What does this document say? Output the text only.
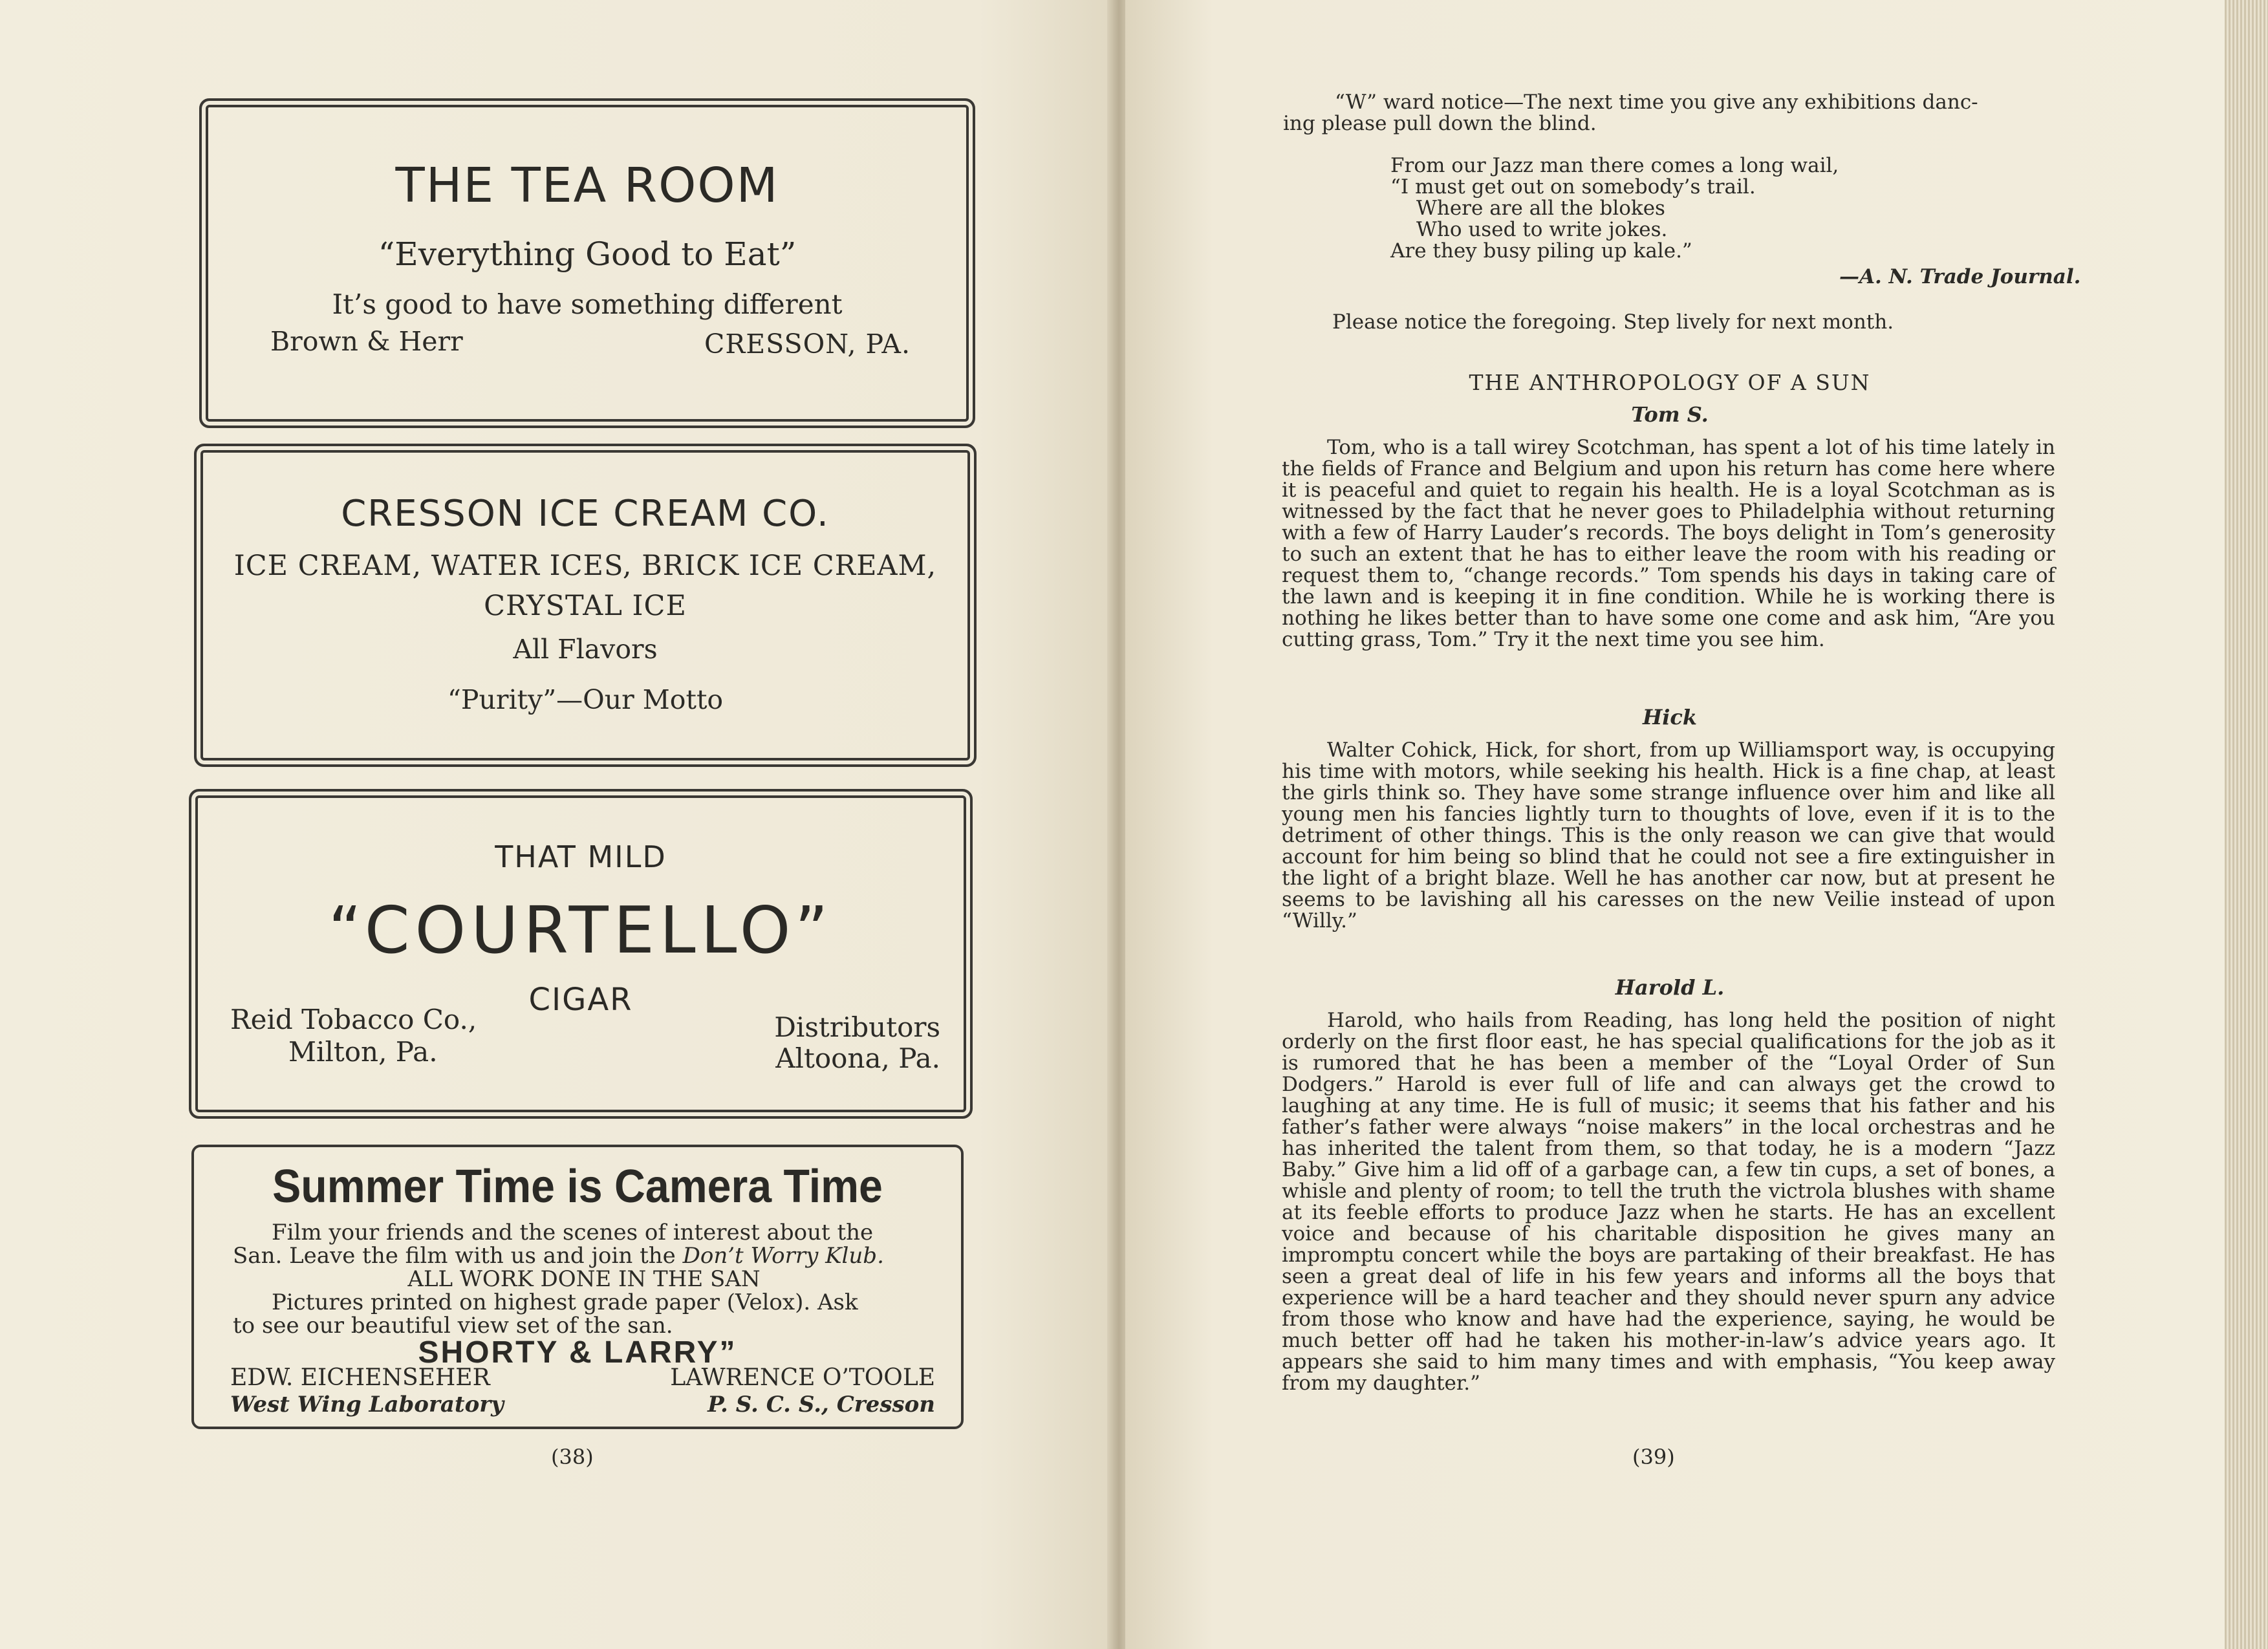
THE TEA ROOM
“Everything Good to Eat”
It’s good to have something different
Brown & Herr	CRESSON, PA.
CRESSON ICE CREAM CO.
ICE CREAM, WATER ICES, BRICK ICE CREAM,
CRYSTAL ICE
All Flavors
“Purity”—Our Motto
THAT MILD
“COURTELLO”
CIGAR
Reid Tobacco Co.,
Milton, Pa.
Distributors
Altoona, Pa.
Summer Time is Camera Time
Film your friends and the scenes of interest about the
San. Leave the film with us and join the Don’t Worry Klub.
ALL WORK DONE IN THE SAN
Pictures printed on highest grade paper (Velox). Ask
to see our beautiful view set of the san.
SHORTY & LARRY”
EDW. EICHENSEHER
West Wing Laboratory
LAWRENCE O’TOOLE
P. S. C. S., Cresson
(38)

“W” ward notice—The next time you give any exhibitions danc-

ing please pull down the blind.

From our Jazz man there comes a long wail,
“I must get out on somebody’s trail.
Where are all the blokes
Who used to write jokes.
Are they busy piling up kale.”
—A. N. Trade Journal.
Please notice the foregoing. Step lively for next month.
THE ANTHROPOLOGY OF A SUN
Tom S.

Tom, who is a tall wirey Scotchman, has spent a lot of his time lately in the fields of France and Belgium and upon his return has come here where it is peaceful and quiet to regain his health. He is a loyal Scotchman as is witnessed by the fact that he never goes to Philadelphia without returning with a few of Harry Lauder’s records. The boys delight in Tom’s generosity to such an extent that he has to either leave the room with his reading or request them to, “change records.” Tom spends his days in taking care of the lawn and is keeping it in fine condition. While he is working there is nothing he likes better than to have some one come and ask him, “Are you cutting grass, Tom.” Try it the next time you see him.

Hick

Walter Cohick, Hick, for short, from up Williamsport way, is occupying his time with motors, while seeking his health. Hick is a fine chap, at least the girls think so. They have some strange influence over him and like all young men his fancies lightly turn to thoughts of love, even if it is to the detriment of other things. This is the only reason we can give that would account for him being so blind that he could not see a fire extinguisher in the light of a bright blaze. Well he has another car now, but at present he seems to be lavishing all his caresses on the new Veilie instead of upon “Willy.”

Harold L.

Harold, who hails from Reading, has long held the position of night orderly on the first floor east, he has special qualifications for the job as it is rumored that he has been a member of the “Loyal Order of Sun Dodgers.” Harold is ever full of life and can always get the crowd to laughing at any time. He is full of music; it seems that his father and his father’s father were always “noise makers” in the local orchestras and he has inherited the talent from them, so that today, he is a modern “Jazz Baby.” Give him a lid off of a garbage can, a few tin cups, a set of bones, a whisle and plenty of room; to tell the truth the victrola blushes with shame at its feeble efforts to produce Jazz when he starts. He has an excellent voice and because of his charitable disposition he gives many an impromptu concert while the boys are partaking of their breakfast. He has seen a great deal of life in his few years and informs all the boys that experience will be a hard teacher and they should never spurn any advice from those who know and have had the experience, saying, he would be much better off had he taken his mother-in-law’s advice years ago. It appears she said to him many times and with emphasis, “You keep away from my daughter.”

(39)
